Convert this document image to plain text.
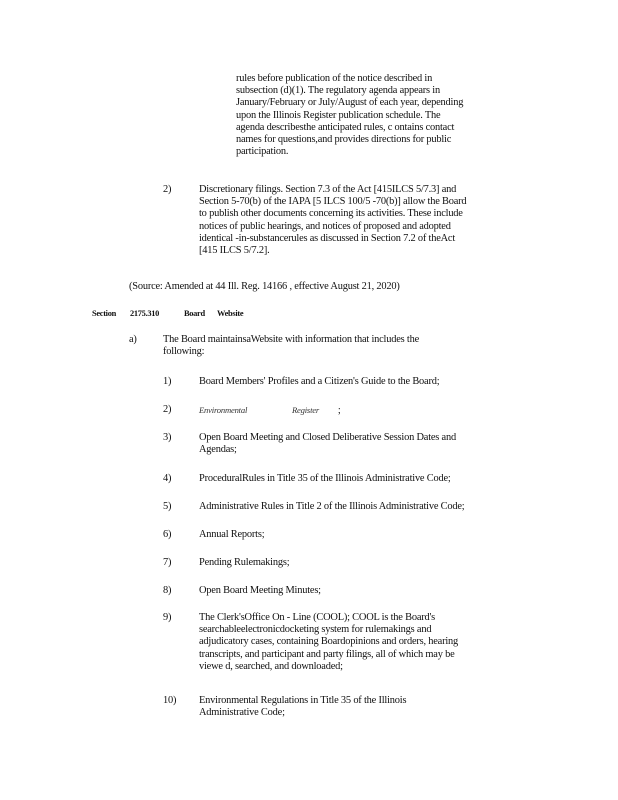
rules before publication of the notice described in
subsection (d)(1). The regulatory agenda appears in
January/February or July/August of each year, depending
upon the Illinois Register publication schedule. The
agenda describesthe anticipated rules, c ontains contact
names for questions,and provides directions for public
participation.
2)	Discretionary filings. Section 7.3 of the Act [415ILCS 5/7.3] and
Section 5-70(b) of the IAPA [5 ILCS 100/5 -70(b)] allow the Board
to publish other documents concerning its activities. These include
notices of public hearings, and notices of proposed and adopted
identical -in-substancerules as discussed in Section 7.2 of theAct
[415 ILCS 5/7.2].
(Source: Amended at 44 Ill. Reg. 14166 , effective August 21, 2020)
Section 2175.310	Board Website
a)	The Board maintainsaWebsite with information that includes the
following:
1)	Board Members' Profiles and a Citizen's Guide to the Board;
2)	Environmental	Register ;
3)	Open Board Meeting and Closed Deliberative Session Dates and
Agendas;
4)	ProceduralRules in Title 35 of the Illinois Administrative Code;
5)	Administrative Rules in Title 2 of the Illinois Administrative Code;
6)	Annual Reports;
7)	Pending Rulemakings;
8)	Open Board Meeting Minutes;
9)	The Clerk'sOffice On - Line (COOL); COOL is the Board's
searchableelectronicdocketing system for rulemakings and
adjudicatory cases, containing Boardopinions and orders, hearing
transcripts, and participant and party filings, all of which may be
viewe d, searched, and downloaded;
10) Environmental Regulations in Title 35 of the Illinois
Administrative Code;
